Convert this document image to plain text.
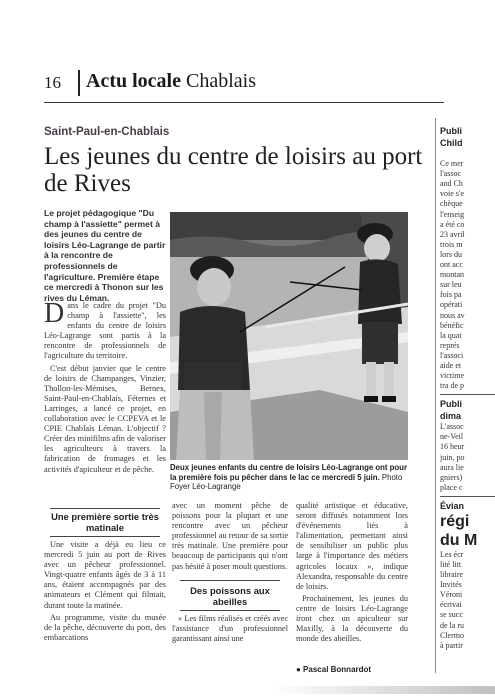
16 Actu locale Chablais
Saint-Paul-en-Chablais
Les jeunes du centre de loisirs au port de Rives
Le projet pédagogique "Du champ à l'assiette" permet à des jeunes du centre de loisirs Léo-Lagrange de partir à la rencontre de professionnels de l'agriculture. Première étape ce mercredi à Thonon sur les rives du Léman.

Dans le cadre du projet "Du champ à l'assiette", les enfants du centre de loisirs Léo-Lagrange sont partis à la rencontre de professionnels de l'agriculture du territoire.

C'est début janvier que le centre de loisirs de Champanges, Vinzier, Thollon-les-Mémises, Bernex, Saint-Paul-en-Chablais, Féternes et Larringes, a lancé ce projet, en collaboration avec le CCPEVA et le CPIE Chablais Léman. L'objectif ? Créer des minifilms afin de valoriser les agriculteurs à travers la fabrication de fromages et les activités d'apiculteur et de pêche.	Deux jeunes enfants du centre de loisirs Léo-Lagrange ont pour la première fois pu pêcher dans le lac ce mercredi 5 juin. Photo Foyer Léo-Lagrange
Une première sortie très matinale

Une visite a déjà eu lieu ce mercredi 5 juin au port de Rives avec un pêcheur professionnel. Vingt-quatre enfants âgés de 3 à 11 ans, étaient accompagnés par des animateurs et Clément qui filmait, durant toute la matinée.

Au programme, visite du musée de la pêche, découverte du port, des embarcations

avec un moment pêche de poissons pour la plupart et une rencontre avec un pêcheur professionnel au retour de sa sortie très matinale. Une première pour beaucoup de participants qui n'ont pas hésité à poser moult questions.

Des poissons aux abeilles

« Les films réalisés et créés avec l'assistance d'un professionnel garantissant ainsi une

qualité artistique et éducative, seront diffusés notamment lors d'événements liés à l'alimentation, permettant ainsi de sensibiliser un public plus large à l'importance des métiers agricoles locaux », indique Alexandra, responsable du centre de loisirs.

Prochainement, les jeunes du centre de loisirs Léo-Lagrange iront chez un apiculteur sur Maxilly, à la découverte du monde des abeilles.

● Pascal Bonnardot
Publi
Child

Ce mer
l'assoc
and Ch
voie s'e
chèque
l'enseig
a été co
23 avril
trois m
lors du
ont acc
montan
sur leu
fois pa
opérati
nous av
bénéfic
la quat
représ
l'associ
aide et
victime
tra de p
Publi
dima
L'assoc
ne-Veil
16 heur
juin, po
aura lie
gniers)
place c
Évian
régi
du M
Les écr
lité litt
libraire
Invités
Véroni
écrivai
se succ
de la ru
Clermo
à partir
